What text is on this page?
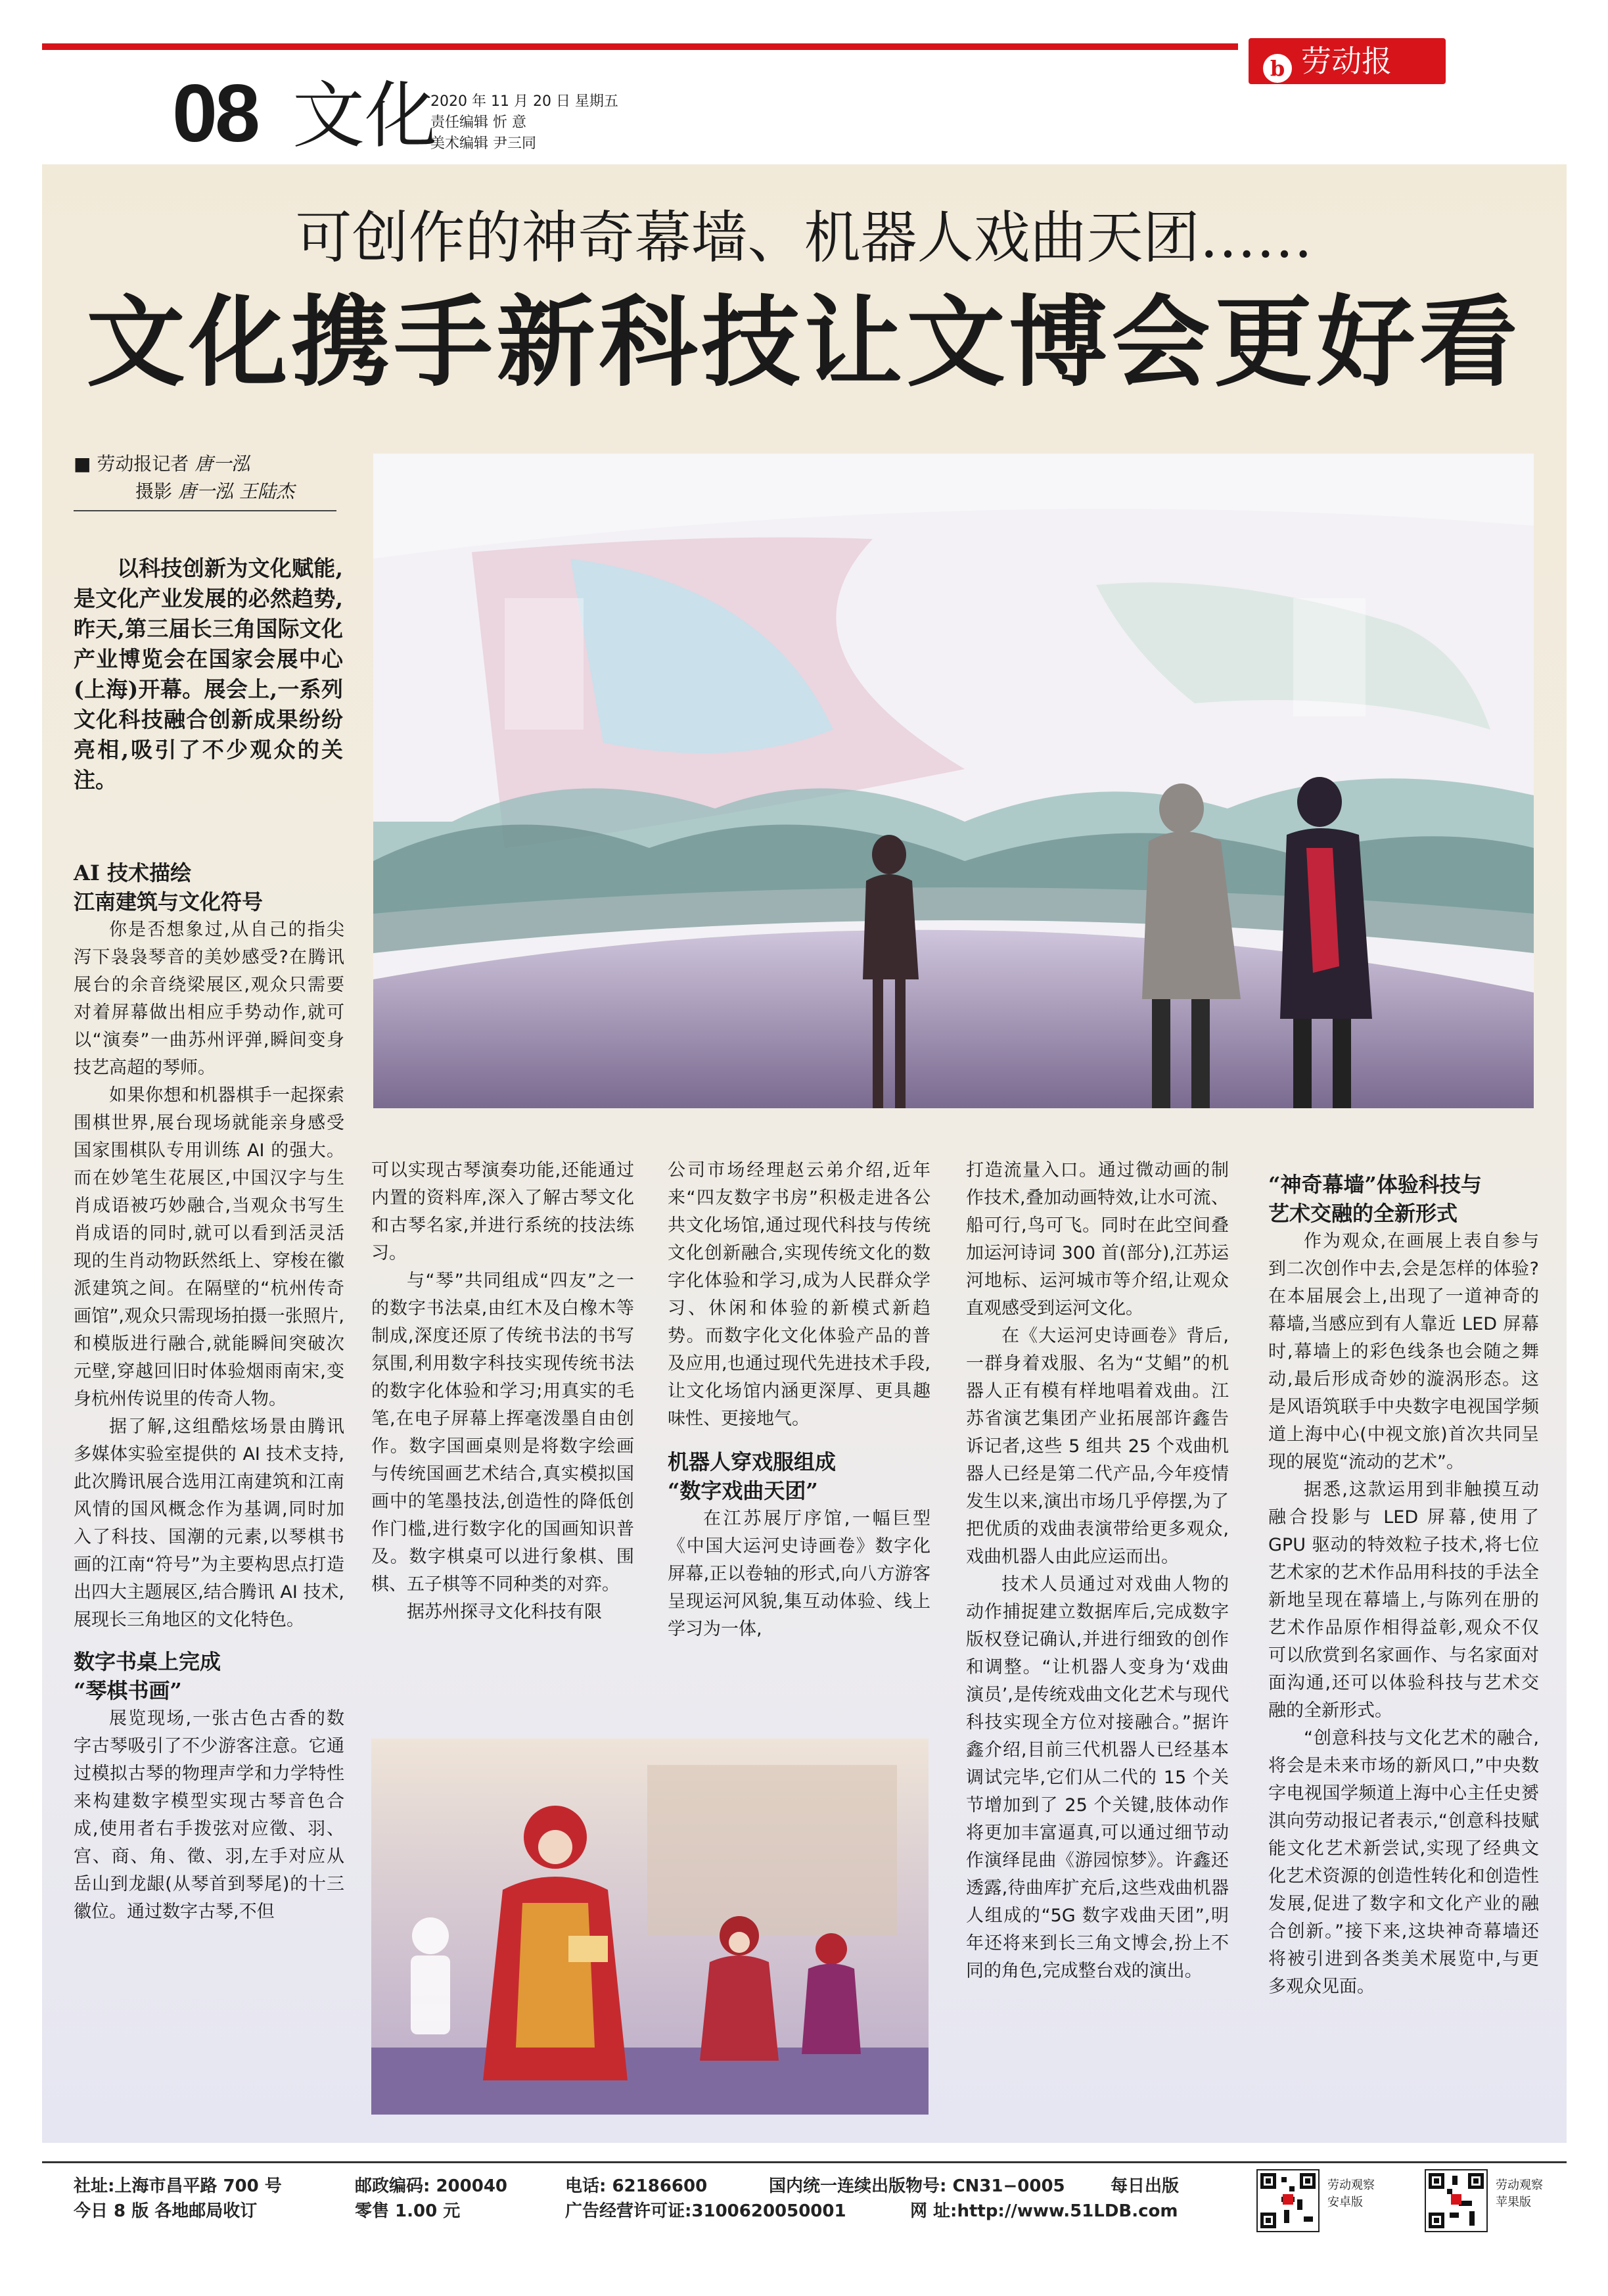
b 劳动报
08 文化
2020 年 11 月 20 日 星期五
责任编辑 忻 意
美术编辑 尹三同
可创作的神奇幕墙、机器人戏曲天团……
文化携手新科技让文博会更好看
■ 劳动报记者 唐一泓
摄影 唐一泓 王陆杰
以科技创新为文化赋能,是文化产业发展的必然趋势,昨天,第三届长三角国际文化产业博览会在国家会展中心(上海)开幕。展会上,一系列文化科技融合创新成果纷纷亮相,吸引了不少观众的关注。

AI 技术描绘
江南建筑与文化符号

你是否想象过,从自己的指尖泻下袅袅琴音的美妙感受?在腾讯展台的余音绕梁展区,观众只需要对着屏幕做出相应手势动作,就可以“演奏”一曲苏州评弹,瞬间变身技艺高超的琴师。

如果你想和机器棋手一起探索围棋世界,展台现场就能亲身感受国家围棋队专用训练 AI 的强大。而在妙笔生花展区,中国汉字与生肖成语被巧妙融合,当观众书写生肖成语的同时,就可以看到活灵活现的生肖动物跃然纸上、穿梭在徽派建筑之间。在隔壁的“杭州传奇画馆”,观众只需现场拍摄一张照片,和模版进行融合,就能瞬间突破次元壁,穿越回旧时体验烟雨南宋,变身杭州传说里的传奇人物。

据了解,这组酷炫场景由腾讯多媒体实验室提供的 AI 技术支持,此次腾讯展合选用江南建筑和江南风情的国风概念作为基调,同时加入了科技、国潮的元素,以琴棋书画的江南“符号”为主要构思点打造出四大主题展区,结合腾讯 AI 技术,展现长三角地区的文化特色。

数字书桌上完成
“琴棋书画”

展览现场,一张古色古香的数字古琴吸引了不少游客注意。它通过模拟古琴的物理声学和力学特性来构建数字模型实现古琴音色合成,使用者右手拨弦对应徵、羽、宫、商、角、徵、羽,左手对应从岳山到龙龈(从琴首到琴尾)的十三徽位。通过数字古琴,不但

可以实现古琴演奏功能,还能通过内置的资料库,深入了解古琴文化和古琴名家,并进行系统的技法练习。

与“琴”共同组成“四友”之一的数字书法桌,由红木及白橡木等制成,深度还原了传统书法的书写氛围,利用数字科技实现传统书法的数字化体验和学习;用真实的毛笔,在电子屏幕上挥毫泼墨自由创作。数字国画桌则是将数字绘画与传统国画艺术结合,真实模拟国画中的笔墨技法,创造性的降低创作门槛,进行数字化的国画知识普及。数字棋桌可以进行象棋、围棋、五子棋等不同种类的对弈。

据苏州探寻文化科技有限

公司市场经理赵云弟介绍,近年来“四友数字书房”积极走进各公共文化场馆,通过现代科技与传统文化创新融合,实现传统文化的数字化体验和学习,成为人民群众学习、休闲和体验的新模式新趋势。而数字化文化体验产品的普及应用,也通过现代先进技术手段,让文化场馆内涵更深厚、更具趣味性、更接地气。

机器人穿戏服组成
“数字戏曲天团”

在江苏展厅序馆,一幅巨型《中国大运河史诗画卷》数字化屏幕,正以卷轴的形式,向八方游客呈现运河风貌,集互动体验、线上学习为一体,

打造流量入口。通过微动画的制作技术,叠加动画特效,让水可流、船可行,鸟可飞。同时在此空间叠加运河诗词 300 首(部分),江苏运河地标、运河城市等介绍,让观众直观感受到运河文化。

在《大运河史诗画卷》背后,一群身着戏服、名为“艾鲳”的机器人正有模有样地唱着戏曲。江苏省演艺集团产业拓展部许鑫告诉记者,这些 5 组共 25 个戏曲机器人已经是第二代产品,今年疫情发生以来,演出市场几乎停摆,为了把优质的戏曲表演带给更多观众,戏曲机器人由此应运而出。

技术人员通过对戏曲人物的动作捕捉建立数据库后,完成数字版权登记确认,并进行细致的创作和调整。“让机器人变身为‘戏曲演员’,是传统戏曲文化艺术与现代科技实现全方位对接融合。”据许鑫介绍,目前三代机器人已经基本调试完毕,它们从二代的 15 个关节增加到了 25 个关键,肢体动作将更加丰富逼真,可以通过细节动作演绎昆曲《游园惊梦》。许鑫还透露,待曲库扩充后,这些戏曲机器人组成的“5G 数字戏曲天团”,明年还将来到长三角文博会,扮上不同的角色,完成整台戏的演出。

“神奇幕墙”体验科技与
艺术交融的全新形式

作为观众,在画展上表自参与到二次创作中去,会是怎样的体验?在本届展会上,出现了一道神奇的幕墙,当感应到有人靠近 LED 屏幕时,幕墙上的彩色线条也会随之舞动,最后形成奇妙的漩涡形态。这是风语筑联手中央数字电视国学频道上海中心(中视文旅)首次共同呈现的展览“流动的艺术”。

据悉,这款运用到非触摸互动融合投影与 LED 屏幕,使用了 GPU 驱动的特效粒子技术,将七位艺术家的艺术作品用科技的手法全新地呈现在幕墙上,与陈列在册的艺术作品原作相得益彰,观众不仅可以欣赏到名家画作、与名家面对面沟通,还可以体验科技与艺术交融的全新形式。

“创意科技与文化艺术的融合,将会是未来市场的新风口,”中央数字电视国学频道上海中心主任史赟淇向劳动报记者表示,“创意科技赋能文化艺术新尝试,实现了经典文化艺术资源的创造性转化和创造性发展,促进了数字和文化产业的融合创新。”接下来,这块神奇幕墙还将被引进到各类美术展览中,与更多观众见面。

社址:上海市昌平路 700 号
今日 8 版 各地邮局收订
邮政编码: 200040
零售 1.00 元
电话: 62186600
广告经营许可证:3100620050001
国内统一连续出版物号: CN31−0005	每日出版
网 址:http://www.51LDB.com
劳动观察
安卓版
劳动观察
苹果版
